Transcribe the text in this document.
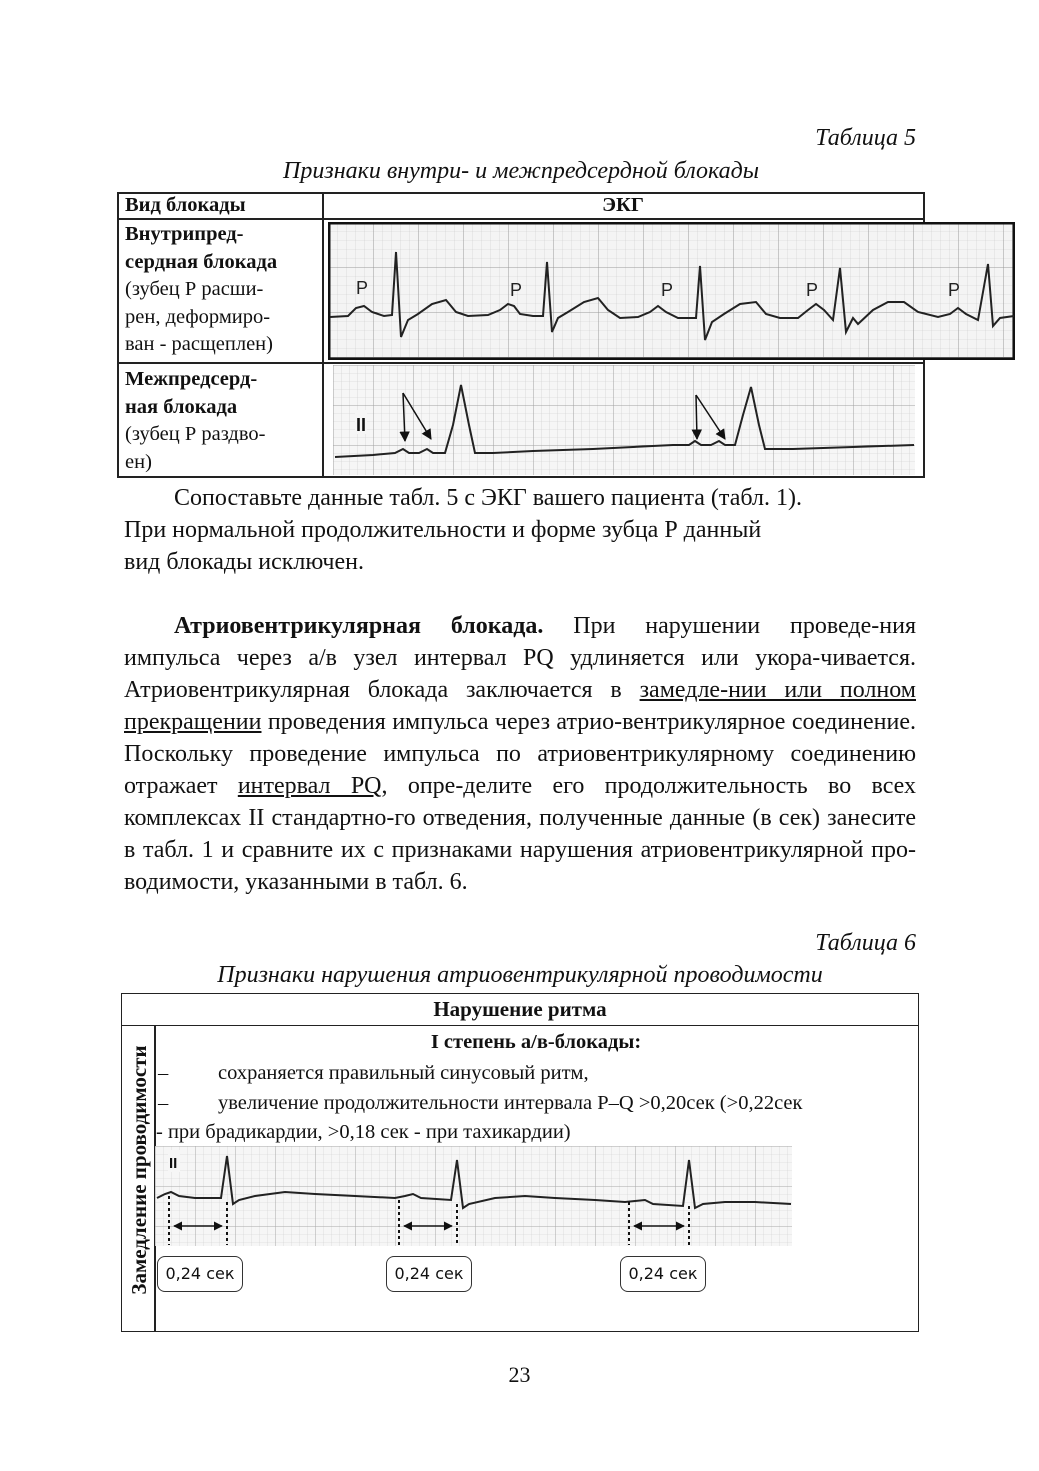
Таблица 5
Признаки внутри- и межпредсердной блокады
Вид блокады	ЭКГ
Внутрипред-
сердная блокада
(зубец Р расши-
рен, деформиро-
ван - расщеплен)
Межпредсерд-
ная блокада
(зубец Р раздво-
ен)
P	P	P	P	P
II

Сопоставьте данные табл. 5 с ЭКГ вашего пациента (табл. 1).

При нормальной продолжительности и форме зубца Р данный

вид блокады исключен.

Атриовентрикулярная блокада. При нарушении проведе-ния импульса через а/в узел интервал PQ удлиняется или укора-чивается. Атриовентрикулярная блокада заключается в замедле-нии или полном прекращении проведения импульса через атрио-вентрикулярное соединение. Поскольку проведение импульса по атриовентрикулярному соединению отражает интервал PQ, опре-делите его продолжительность во всех комплексах II стандартно-го отведения, полученные данные (в сек) занесите в табл. 1 и сравните их с признаками нарушения атриовентрикулярной про-водимости, указанными в табл. 6.

Таблица 6
Признаки нарушения атриовентрикулярной проводимости
Нарушение ритма
Замедление проводимости
I степень а/в-блокады:
– сохраняется правильный синусовый ритм,
– увеличение продолжительности интервала P–Q >0,20сек (>0,22сек
- при брадикардии, >0,18 сек - при тахикардии)
II
0,24 сек	0,24 сек	0,24 сек
23
